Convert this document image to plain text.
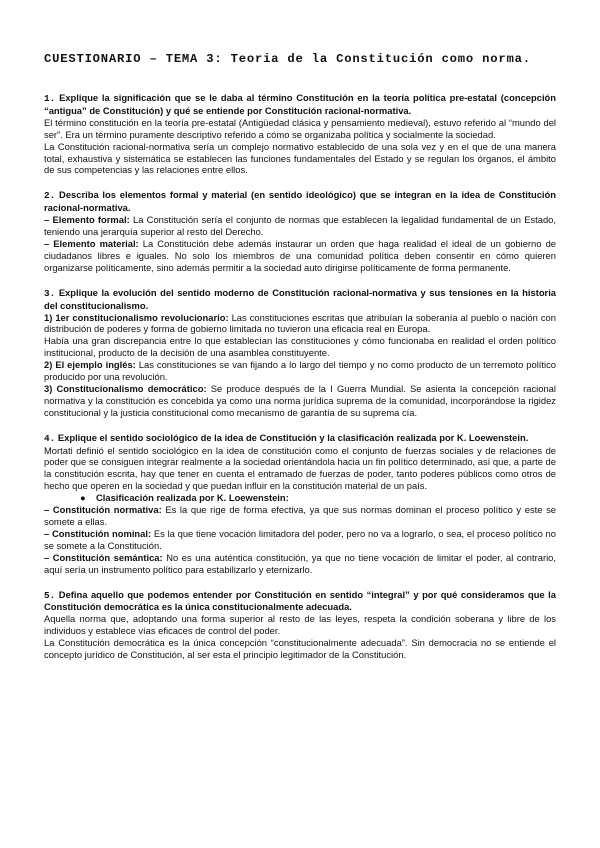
CUESTIONARIO – TEMA 3: Teoria de la Constitución como norma.

1. Explique la significación que se le daba al término Constitución en la teoría política pre-estatal (concepción “antigua” de Constitución) y qué se entiende por Constitución racional-normativa.

El término constitución en la teoría pre-estatal (Antigüedad clásica y pensamiento medieval), estuvo referido al “mundo del ser”. Era un término puramente descriptivo referido a cómo se organizaba política y socialmente la sociedad.

La Constitución racional-normativa sería un complejo normativo establecido de una sola vez y en el que de una manera total, exhaustiva y sistemática se establecen las funciones fundamentales del Estado y se regulan los órganos, el ámbito de sus competencias y las relaciones entre ellos.

2. Describa los elementos formal y material (en sentido ideológico) que se integran en la idea de Constitución racional-normativa.

– Elemento formal: La Constitución sería el conjunto de normas que establecen la legalidad fundamental de un Estado, teniendo una jerarquía superior al resto del Derecho.

– Elemento material: La Constitución debe además instaurar un orden que haga realidad el ideal de un gobierno de ciudadanos libres e iguales. No solo los miembros de una comunidad política deben consentir en cómo quieren organizarse políticamente, sino además permitir a la sociedad auto dirigirse políticamente de forma permanente.

3. Explique la evolución del sentido moderno de Constitución racional-normativa y sus tensiones en la historia del constitucionalismo.

1) 1er constitucionalismo revolucionario: Las constituciones escritas que atribuían la soberanía al pueblo o nación con distribución de poderes y forma de gobierno limitada no tuvieron una eficacia real en Europa.

Había una gran discrepancia entre lo que establecían las constituciones y cómo funcionaba en realidad el orden político institucional, producto de la decisión de una asamblea constituyente.

2) El ejemplo inglés: Las constituciones se van fijando a lo largo del tiempo y no como producto de un terremoto político producido por una revolución.

3) Constitucionalismo democrático: Se produce después de la I Guerra Mundial. Se asienta la concepción racional normativa y la constitución es concebida ya como una norma jurídica suprema de la comunidad, incorporándose la rigidez constitucional y la justicia constitucional como mecanismo de garantía de su suprema cía.

4. Explique el sentido sociológico de la idea de Constitución y la clasificación realizada por K. Loewenstein.

Mortati definió el sentido sociológico en la idea de constitución como el conjunto de fuerzas sociales y de relaciones de poder que se consiguen integrar realmente a la sociedad orientándola hacia un fin político determinado, así que, a parte de la constitución escrita, hay que tener en cuenta el entramado de fuerzas de poder, tanto poderes públicos como otros de hecho que operen en la sociedad y que puedan influir en la constitución material de un país.

● Clasificación realizada por K. Loewenstein:

– Constitución normativa: Es la que rige de forma efectiva, ya que sus normas dominan el proceso político y este se somete a ellas.

– Constitución nominal: Es la que tiene vocación limitadora del poder, pero no va a lograrlo, o sea, el proceso político no se somete a la Constitución.

– Constitución semántica: No es una auténtica constitución, ya que no tiene vocación de limitar el poder, al contrario, aquí sería un instrumento político para estabilizarlo y eternizarlo.

5. Defina aquello que podemos entender por Constitución en sentido “integral” y por qué consideramos que la Constitución democrática es la única constitucionalmente adecuada.

Aquella norma que, adoptando una forma superior al resto de las leyes, respeta la condición soberana y libre de los individuos y establece vías eficaces de control del poder.

La Constitución democrática es la única concepción “constitucionalmente adecuada”. Sin democracia no se entiende el concepto jurídico de Constitución, al ser esta el principio legitimador de la Constitución.
